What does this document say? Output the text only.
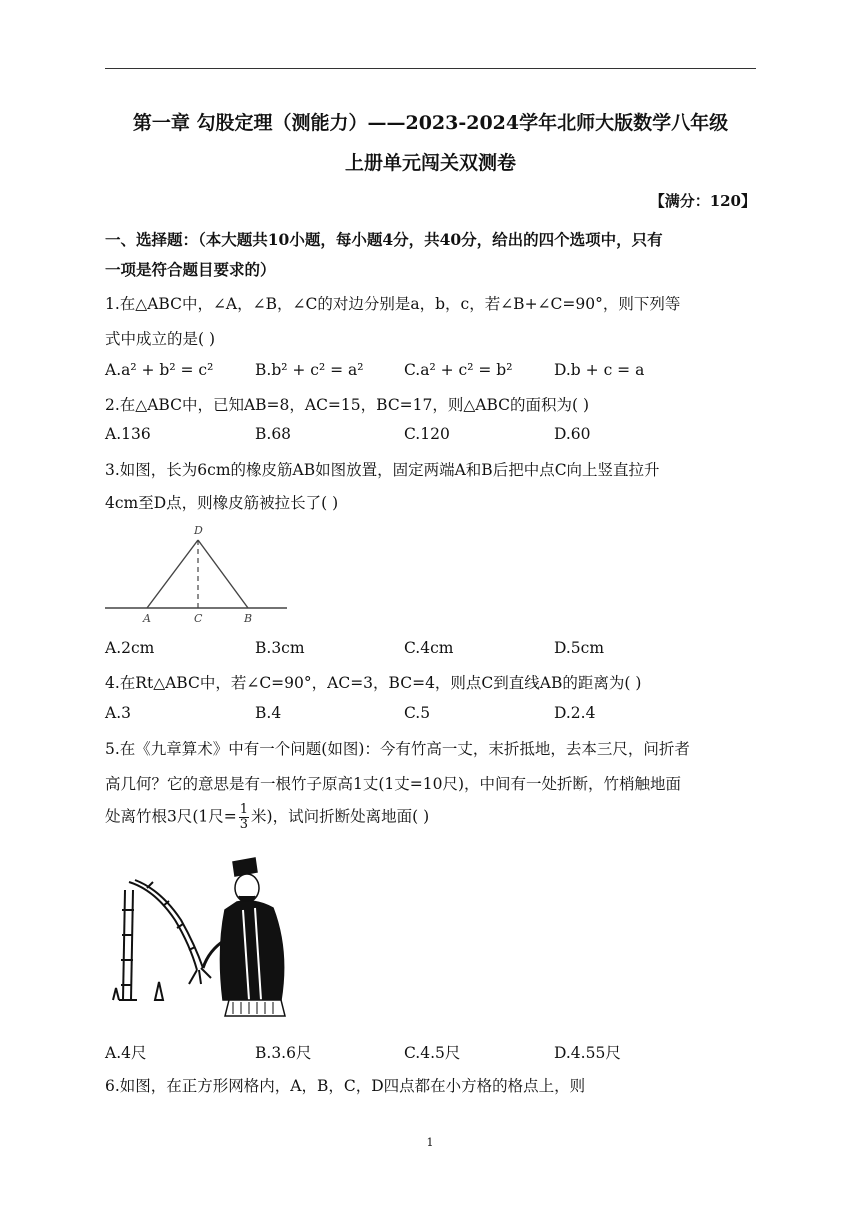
第一章 勾股定理（测能力）——2023-2024学年北师大版数学八年级
上册单元闯关双测卷
【满分：120】
一、选择题：（本大题共10小题，每小题4分，共40分，给出的四个选项中，只有
一项是符合题目要求的）
1.在△ABC中，∠A，∠B，∠C的对边分别是a，b，c，若∠B+∠C=90°，则下列等
式中成立的是( )
A.a² + b² = c²	B.b² + c² = a²	C.a² + c² = b²	D.b + c = a
2.在△ABC中，已知AB=8，AC=15，BC=17，则△ABC的面积为( )
A.136	B.68	C.120	D.60
3.如图，长为6cm的橡皮筋AB如图放置，固定两端A和B后把中点C向上竖直拉升
4cm至D点，则橡皮筋被拉长了( )
D
A	C	B
A.2cm	B.3cm	C.4cm	D.5cm
4.在Rt△ABC中，若∠C=90°，AC=3，BC=4，则点C到直线AB的距离为( )
A.3	B.4	C.5	D.2.4
5.在《九章算术》中有一个问题(如图)：今有竹高一丈，末折抵地，去本三尺，问折者
高几何？它的意思是有一根竹子原高1丈(1丈=10尺)，中间有一处折断，竹梢触地面
处离竹根3尺(1尺= $\frac{1}{3}$ 米)，试问折断处离地面( )
A.4尺	B.3.6尺	C.4.5尺	D.4.55尺
6.如图，在正方形网格内，A，B，C，D四点都在小方格的格点上，则
1
